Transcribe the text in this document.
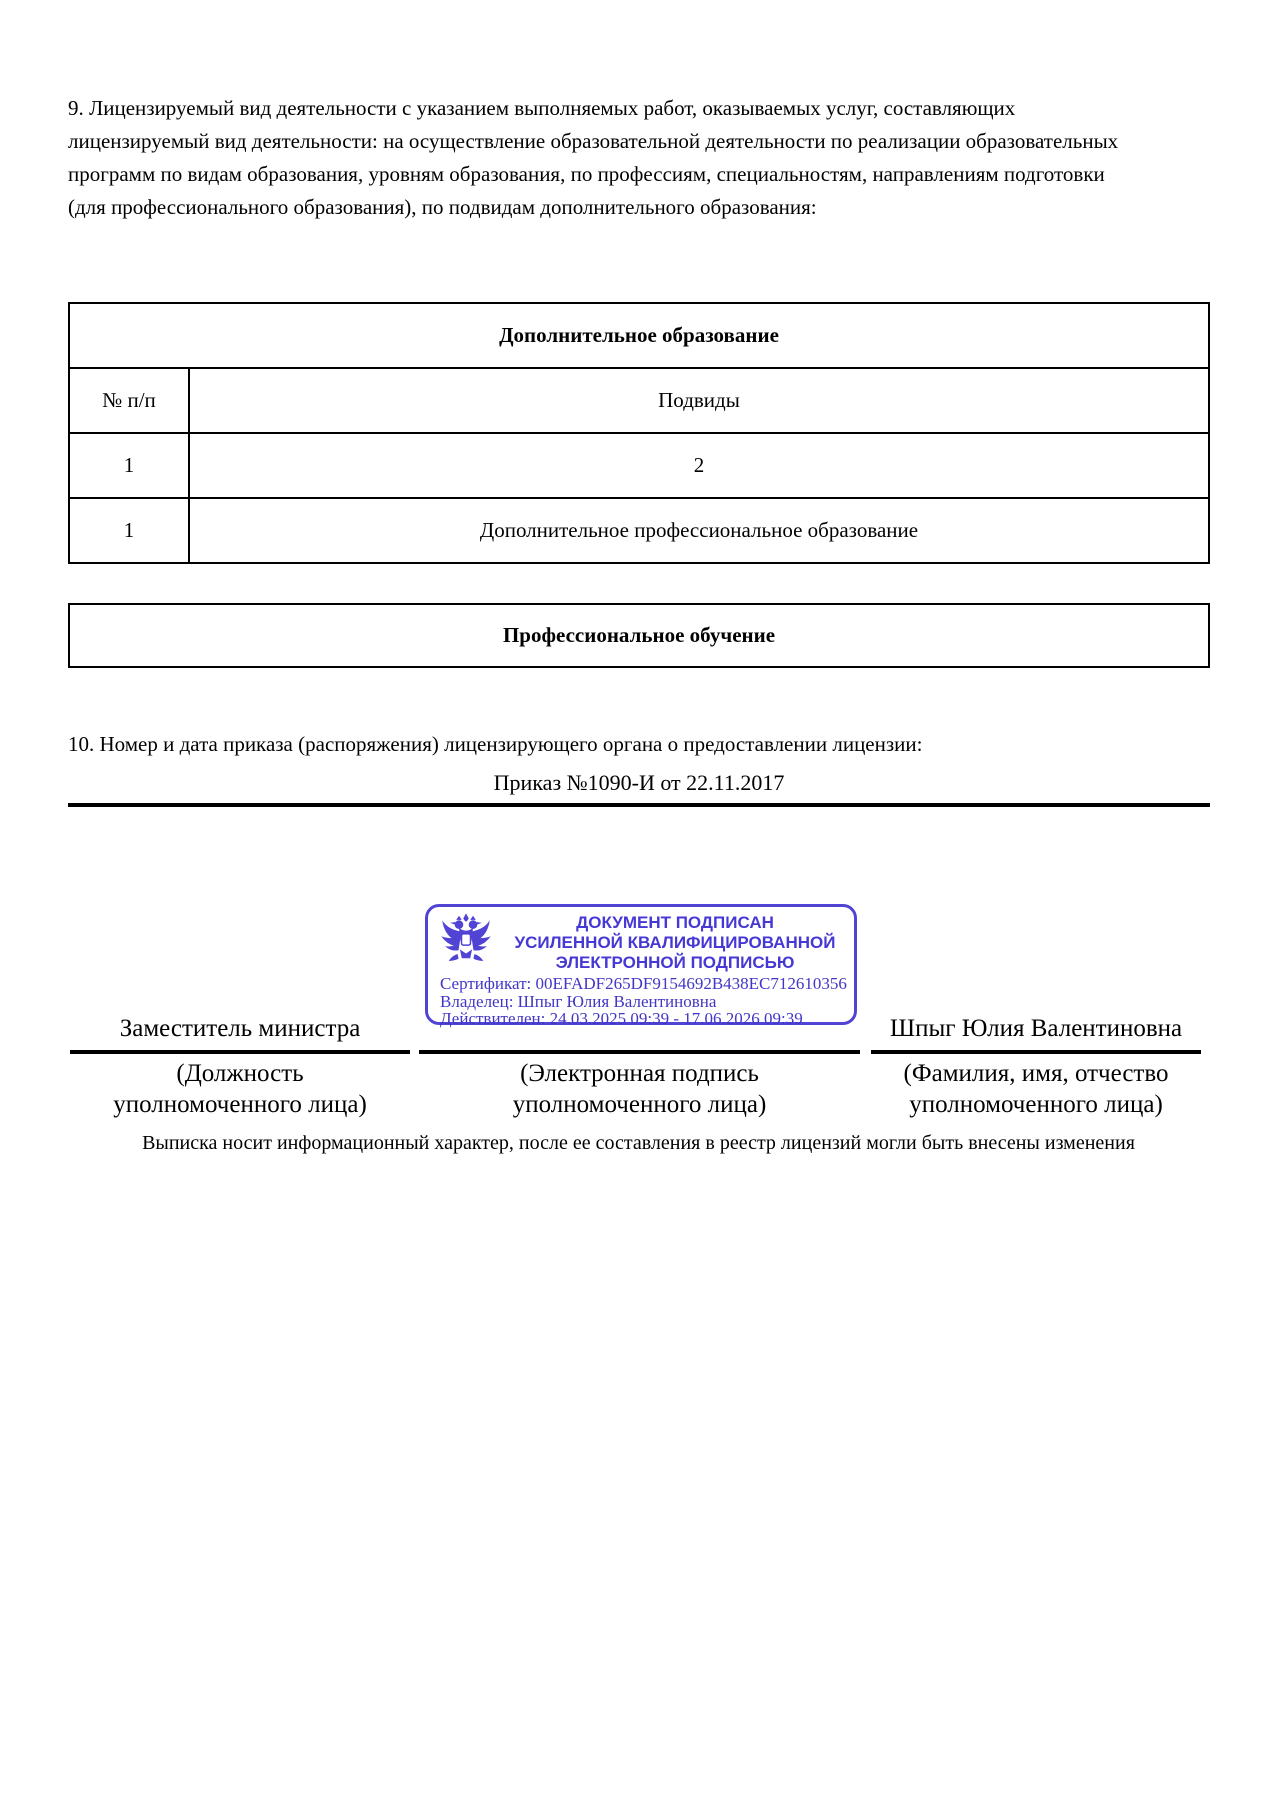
9. Лицензируемый вид деятельности с указанием выполняемых работ, оказываемых услуг, составляющих лицензируемый вид деятельности: на осуществление образовательной деятельности по реализации образовательных программ по видам образования, уровням образования, по профессиям, специальностям, направлениям подготовки (для профессионального образования), по подвидам дополнительного образования:
Дополнительное образование
№ п/п	Подвиды
1	2
1	Дополнительное профессиональное образование
Профессиональное обучение
10. Номер и дата приказа (распоряжения) лицензирующего органа о предоставлении лицензии:
Приказ №1090-И от 22.11.2017
ДОКУМЕНТ ПОДПИСАН
УСИЛЕННОЙ КВАЛИФИЦИРОВАННОЙ
ЭЛЕКТРОННОЙ ПОДПИСЬЮ
Сертификат: 00EFADF265DF9154692B438EC712610356
Владелец: Шпыг Юлия Валентиновна
Действителен: 24.03.2025 09:39 - 17.06.2026 09:39
Заместитель министра	Шпыг Юлия Валентиновна
(Должность
уполномоченного лица)
(Электронная подпись
уполномоченного лица)
(Фамилия, имя, отчество
уполномоченного лица)
Выписка носит информационный характер, после ее составления в реестр лицензий могли быть внесены изменения
